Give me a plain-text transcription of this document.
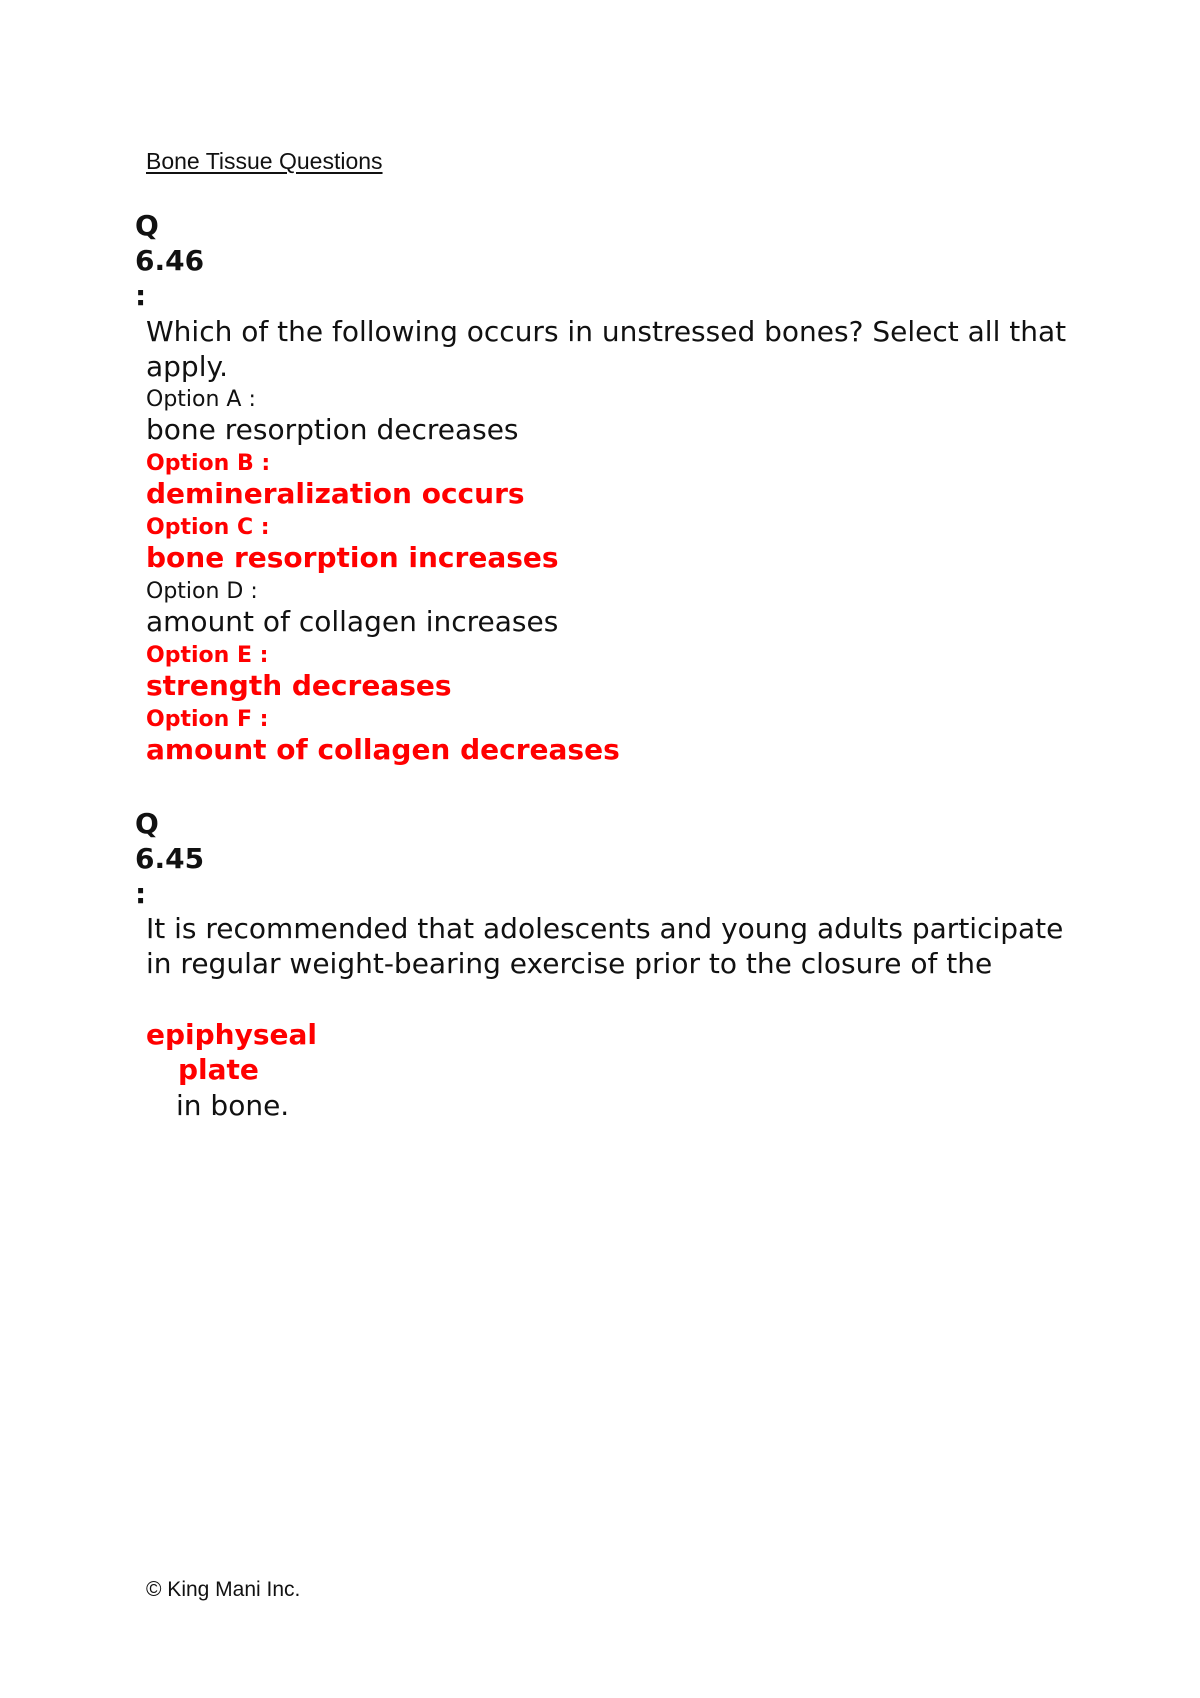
Bone Tissue Questions
Q
6.46
:
Which of the following occurs in unstressed bones? Select all that apply.
Option A :
bone resorption decreases
Option B :
demineralization occurs
Option C :
bone resorption increases
Option D :
amount of collagen increases
Option E :
strength decreases
Option F :
amount of collagen decreases
Q
6.45
:
It is recommended that adolescents and young adults participate in regular weight-bearing exercise prior to the closure of the
epiphyseal
plate
in bone.
© King Mani Inc.
